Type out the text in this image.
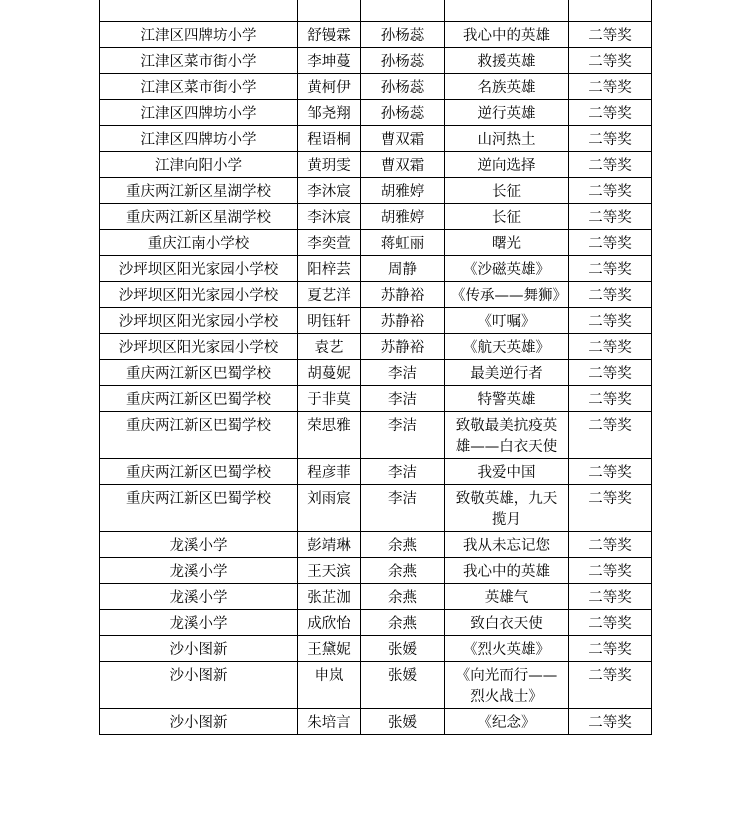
江津区四牌坊小学	舒镘霖	孙杨蕊	我心中的英雄	二等奖
江津区菜市街小学	李坤蔓	孙杨蕊	救援英雄	二等奖
江津区菜市街小学	黄柯伊	孙杨蕊	名族英雄	二等奖
江津区四牌坊小学	邹尧翔	孙杨蕊	逆行英雄	二等奖
江津区四牌坊小学	程语桐	曹双霜	山河热土	二等奖
江津向阳小学	黄玥雯	曹双霜	逆向选择	二等奖
重庆两江新区星湖学校	李沐宸	胡雅婷	长征	二等奖
重庆两江新区星湖学校	李沐宸	胡雅婷	长征	二等奖
重庆江南小学校	李奕萱	蒋虹丽	曙光	二等奖
沙坪坝区阳光家园小学校	阳梓芸	周静	《沙磁英雄》	二等奖
沙坪坝区阳光家园小学校	夏艺洋	苏静裕	《传承——舞狮》	二等奖
沙坪坝区阳光家园小学校	明钰轩	苏静裕	《叮嘱》	二等奖
沙坪坝区阳光家园小学校	袁艺	苏静裕	《航天英雄》	二等奖
重庆两江新区巴蜀学校	胡蔓妮	李洁	最美逆行者	二等奖
重庆两江新区巴蜀学校	于非莫	李洁	特警英雄	二等奖
重庆两江新区巴蜀学校	荣思雅	李洁	致敬最美抗疫英雄——白衣天使	二等奖
重庆两江新区巴蜀学校	程彦菲	李洁	我爱中国	二等奖
重庆两江新区巴蜀学校	刘雨宸	李洁	致敬英雄，九天揽月	二等奖
龙溪小学	彭靖琳	余燕	我从未忘记您	二等奖
龙溪小学	王天滨	余燕	我心中的英雄	二等奖
龙溪小学	张芷泇	余燕	英雄气	二等奖
龙溪小学	成欣怡	余燕	致白衣天使	二等奖
沙小图新	王黛妮	张媛	《烈火英雄》	二等奖
沙小图新	申岚	张媛	《向光而行——烈火战士》	二等奖
沙小图新	朱培言	张媛	《纪念》	二等奖
